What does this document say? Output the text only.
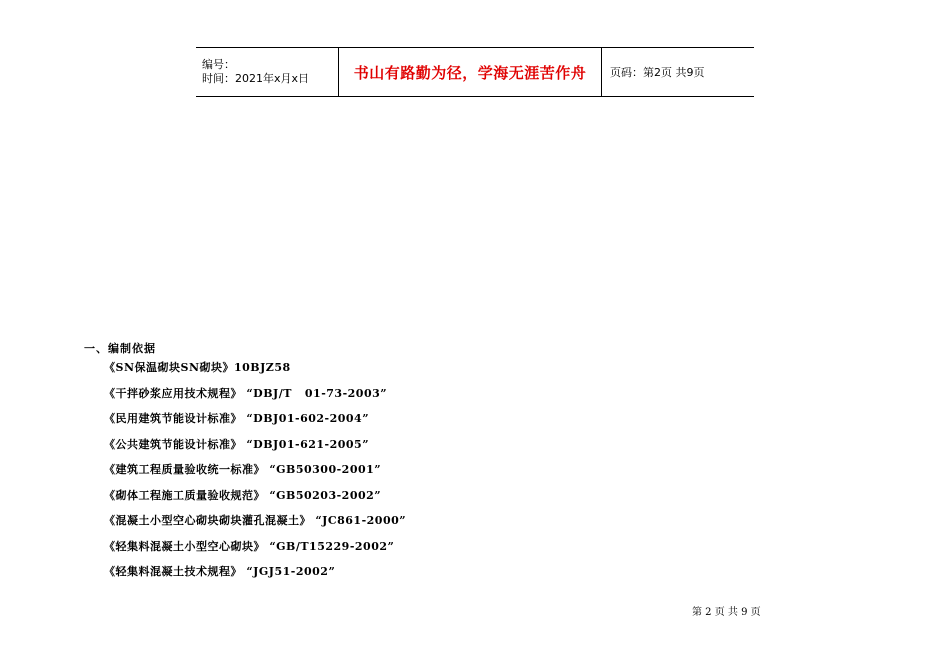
编号：
时间：2021年x月x日	书山有路勤为径，学海无涯苦作舟 页码：第2页 共9页
一、编制依据
《SN保温砌块SN砌块》10BJZ58
《干拌砂浆应用技术规程》 “DBJ/T   01-73-2003”
《民用建筑节能设计标准》 “DBJ01-602-2004”
《公共建筑节能设计标准》 “DBJ01-621-2005”
《建筑工程质量验收统一标准》 “GB50300-2001”
《砌体工程施工质量验收规范》 “GB50203-2002”
《混凝土小型空心砌块砌块灌孔混凝土》 “JC861-2000”
《轻集料混凝土小型空心砌块》 “GB/T15229-2002”
《轻集料混凝土技术规程》 “JGJ51-2002”
第 2 页 共 9 页
